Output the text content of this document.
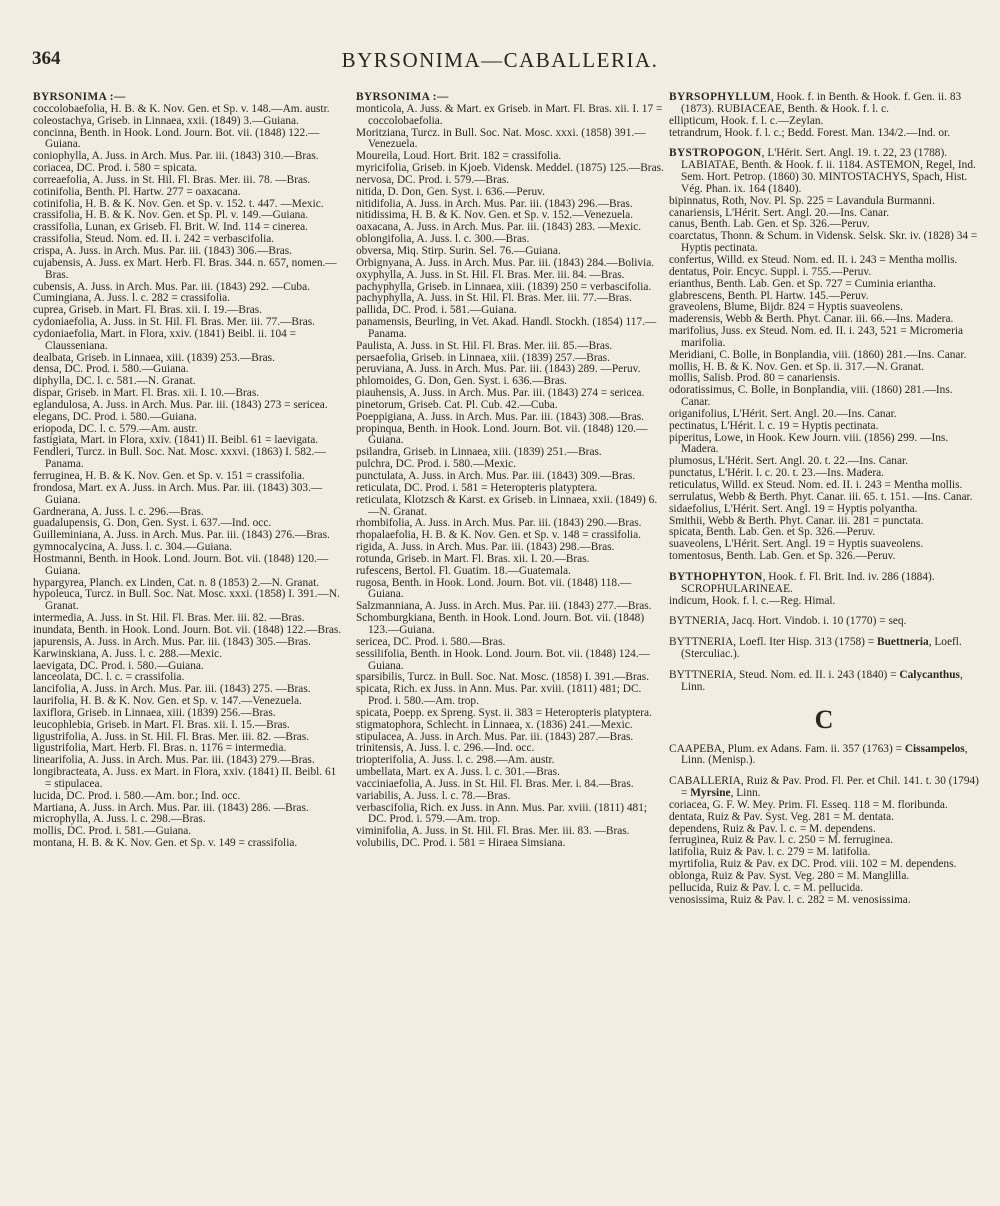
364	BYRSONIMA—CABALLERIA.
BYRSONIMA :—

coccolobaefolia, H. B. & K. Nov. Gen. et Sp. v. 148.—Am. austr.

coleostachya, Griseb. in Linnaea, xxii. (1849) 3.—Guiana.

concinna, Benth. in Hook. Lond. Journ. Bot. vii. (1848) 122.—Guiana.

coniophylla, A. Juss. in Arch. Mus. Par. iii. (1843) 310.—Bras.

coriacea, DC. Prod. i. 580 = spicata.

correaefolia, A. Juss. in St. Hil. Fl. Bras. Mer. iii. 78. —Bras.

cotinifolia, Benth. Pl. Hartw. 277 = oaxacana.

cotinifolia, H. B. & K. Nov. Gen. et Sp. v. 152. t. 447. —Mexic.

crassifolia, H. B. & K. Nov. Gen. et Sp. Pl. v. 149.—Guiana.

crassifolia, Lunan, ex Griseb. Fl. Brit. W. Ind. 114 = cinerea.

crassifolia, Steud. Nom. ed. II. i. 242 = verbascifolia.

crispa, A. Juss. in Arch. Mus. Par. iii. (1843) 306.—Bras.

cujabensis, A. Juss. ex Mart. Herb. Fl. Bras. 344. n. 657, nomen.—Bras.

cubensis, A. Juss. in Arch. Mus. Par. iii. (1843) 292. —Cuba.

Cumingiana, A. Juss. l. c. 282 = crassifolia.

cuprea, Griseb. in Mart. Fl. Bras. xii. I. 19.—Bras.

cydoniaefolia, A. Juss. in St. Hil. Fl. Bras. Mer. iii. 77.—Bras.

cydoniaefolia, Mart. in Flora, xxiv. (1841) Beibl. ii. 104 = Clausseniana.

dealbata, Griseb. in Linnaea, xiii. (1839) 253.—Bras.

densa, DC. Prod. i. 580.—Guiana.

diphylla, DC. l. c. 581.—N. Granat.

dispar, Griseb. in Mart. Fl. Bras. xii. I. 10.—Bras.

eglandulosa, A. Juss. in Arch. Mus. Par. iii. (1843) 273 = sericea.

elegans, DC. Prod. i. 580.—Guiana.

eriopoda, DC. l. c. 579.—Am. austr.

fastigiata, Mart. in Flora, xxiv. (1841) II. Beibl. 61 = laevigata.

Fendleri, Turcz. in Bull. Soc. Nat. Mosc. xxxvi. (1863) I. 582.—Panama.

ferruginea, H. B. & K. Nov. Gen. et Sp. v. 151 = crassifolia.

frondosa, Mart. ex A. Juss. in Arch. Mus. Par. iii. (1843) 303.—Guiana.

Gardnerana, A. Juss. l. c. 296.—Bras.

guadalupensis, G. Don, Gen. Syst. i. 637.—Ind. occ.

Guilleminiana, A. Juss. in Arch. Mus. Par. iii. (1843) 276.—Bras.

gymnocalycina, A. Juss. l. c. 304.—Guiana.

Hostmanni, Benth. in Hook. Lond. Journ. Bot. vii. (1848) 120.—Guiana.

hypargyrea, Planch. ex Linden, Cat. n. 8 (1853) 2.—N. Granat.

hypoleuca, Turcz. in Bull. Soc. Nat. Mosc. xxxi. (1858) I. 391.—N. Granat.

intermedia, A. Juss. in St. Hil. Fl. Bras. Mer. iii. 82. —Bras.

inundata, Benth. in Hook. Lond. Journ. Bot. vii. (1848) 122.—Bras.

japurensis, A. Juss. in Arch. Mus. Par. iii. (1843) 305.—Bras.

Karwinskiana, A. Juss. l. c. 288.—Mexic.

laevigata, DC. Prod. i. 580.—Guiana.

lanceolata, DC. l. c. = crassifolia.

lancifolia, A. Juss. in Arch. Mus. Par. iii. (1843) 275. —Bras.

laurifolia, H. B. & K. Nov. Gen. et Sp. v. 147.—Venezuela.

laxiflora, Griseb. in Linnaea, xiii. (1839) 256.—Bras.

leucophlebia, Griseb. in Mart. Fl. Bras. xii. I. 15.—Bras.

ligustrifolia, A. Juss. in St. Hil. Fl. Bras. Mer. iii. 82. —Bras.

ligustrifolia, Mart. Herb. Fl. Bras. n. 1176 = intermedia.

linearifolia, A. Juss. in Arch. Mus. Par. iii. (1843) 279.—Bras.

longibracteata, A. Juss. ex Mart. in Flora, xxiv. (1841) II. Beibl. 61 = stipulacea.

lucida, DC. Prod. i. 580.—Am. bor.; Ind. occ.

Martiana, A. Juss. in Arch. Mus. Par. iii. (1843) 286. —Bras.

microphylla, A. Juss. l. c. 298.—Bras.

mollis, DC. Prod. i. 581.—Guiana.

montana, H. B. & K. Nov. Gen. et Sp. v. 149 = crassifolia.

BYRSONIMA :—

monticola, A. Juss. & Mart. ex Griseb. in Mart. Fl. Bras. xii. I. 17 = coccolobaefolia.

Moritziana, Turcz. in Bull. Soc. Nat. Mosc. xxxi. (1858) 391.—Venezuela.

Moureila, Loud. Hort. Brit. 182 = crassifolia.

myricifolia, Griseb. in Kjoeb. Vidensk. Meddel. (1875) 125.—Bras.

nervosa, DC. Prod. i. 579.—Bras.

nitida, D. Don, Gen. Syst. i. 636.—Peruv.

nitidifolia, A. Juss. in Arch. Mus. Par. iii. (1843) 296.—Bras.

nitidissima, H. B. & K. Nov. Gen. et Sp. v. 152.—Venezuela.

oaxacana, A. Juss. in Arch. Mus. Par. iii. (1843) 283. —Mexic.

oblongifolia, A. Juss. l. c. 300.—Bras.

obversa, Miq. Stirp. Surin. Sel. 76.—Guiana.

Orbignyana, A. Juss. in Arch. Mus. Par. iii. (1843) 284.—Bolivia.

oxyphylla, A. Juss. in St. Hil. Fl. Bras. Mer. iii. 84. —Bras.

pachyphylla, Griseb. in Linnaea, xiii. (1839) 250 = verbascifolia.

pachyphylla, A. Juss. in St. Hil. Fl. Bras. Mer. iii. 77.—Bras.

pallida, DC. Prod. i. 581.—Guiana.

panamensis, Beurling, in Vet. Akad. Handl. Stockh. (1854) 117.—Panama.

Paulista, A. Juss. in St. Hil. Fl. Bras. Mer. iii. 85.—Bras.

persaefolia, Griseb. in Linnaea, xiii. (1839) 257.—Bras.

peruviana, A. Juss. in Arch. Mus. Par. iii. (1843) 289. —Peruv.

phlomoides, G. Don, Gen. Syst. i. 636.—Bras.

piauhensis, A. Juss. in Arch. Mus. Par. iii. (1843) 274 = sericea.

pinetorum, Griseb. Cat. Pl. Cub. 42.—Cuba.

Poeppigiana, A. Juss. in Arch. Mus. Par. iii. (1843) 308.—Bras.

propinqua, Benth. in Hook. Lond. Journ. Bot. vii. (1848) 120.—Guiana.

psilandra, Griseb. in Linnaea, xiii. (1839) 251.—Bras.

pulchra, DC. Prod. i. 580.—Mexic.

punctulata, A. Juss. in Arch. Mus. Par. iii. (1843) 309.—Bras.

reticulata, DC. Prod. i. 581 = Heteropteris platyptera.

reticulata, Klotzsch & Karst. ex Griseb. in Linnaea, xxii. (1849) 6.—N. Granat.

rhombifolia, A. Juss. in Arch. Mus. Par. iii. (1843) 290.—Bras.

rhopalaefolia, H. B. & K. Nov. Gen. et Sp. v. 148 = crassifolia.

rigida, A. Juss. in Arch. Mus. Par. iii. (1843) 298.—Bras.

rotunda, Griseb. in Mart. Fl. Bras. xii. I. 20.—Bras.

rufescens, Bertol. Fl. Guatim. 18.—Guatemala.

rugosa, Benth. in Hook. Lond. Journ. Bot. vii. (1848) 118.—Guiana.

Salzmanniana, A. Juss. in Arch. Mus. Par. iii. (1843) 277.—Bras.

Schomburgkiana, Benth. in Hook. Lond. Journ. Bot. vii. (1848) 123.—Guiana.

sericea, DC. Prod. i. 580.—Bras.

sessilifolia, Benth. in Hook. Lond. Journ. Bot. vii. (1848) 124.—Guiana.

sparsibilis, Turcz. in Bull. Soc. Nat. Mosc. (1858) I. 391.—Bras.

spicata, Rich. ex Juss. in Ann. Mus. Par. xviii. (1811) 481; DC. Prod. i. 580.—Am. trop.

spicata, Poepp. ex Spreng. Syst. ii. 383 = Heteropteris platyptera.

stigmatophora, Schlecht. in Linnaea, x. (1836) 241.—Mexic.

stipulacea, A. Juss. in Arch. Mus. Par. iii. (1843) 287.—Bras.

trinitensis, A. Juss. l. c. 296.—Ind. occ.

triopterifolia, A. Juss. l. c. 298.—Am. austr.

umbellata, Mart. ex A. Juss. l. c. 301.—Bras.

vacciniaefolia, A. Juss. in St. Hil. Fl. Bras. Mer. i. 84.—Bras.

variabilis, A. Juss. l. c. 78.—Bras.

verbascifolia, Rich. ex Juss. in Ann. Mus. Par. xviii. (1811) 481; DC. Prod. i. 579.—Am. trop.

viminifolia, A. Juss. in St. Hil. Fl. Bras. Mer. iii. 83. —Bras.

volubilis, DC. Prod. i. 581 = Hiraea Simsiana.

BYRSOPHYLLUM, Hook. f. in Benth. & Hook. f. Gen. ii. 83 (1873). RUBIACEAE, Benth. & Hook. f. l. c.

ellipticum, Hook. f. l. c.—Zeylan.

tetrandrum, Hook. f. l. c.; Bedd. Forest. Man. 134/2.—Ind. or.

BYSTROPOGON, L'Hérit. Sert. Angl. 19. t. 22, 23 (1788). LABIATAE, Benth. & Hook. f. ii. 1184. ASTEMON, Regel, Ind. Sem. Hort. Petrop. (1860) 30. MINTOSTACHYS, Spach, Hist. Vég. Phan. ix. 164 (1840).

bipinnatus, Roth, Nov. Pl. Sp. 225 = Lavandula Burmanni.

canariensis, L'Hérit. Sert. Angl. 20.—Ins. Canar.

canus, Benth. Lab. Gen. et Sp. 326.—Peruv.

coarctatus, Thonn. & Schum. in Vidensk. Selsk. Skr. iv. (1828) 34 = Hyptis pectinata.

confertus, Willd. ex Steud. Nom. ed. II. i. 243 = Mentha mollis.

dentatus, Poir. Encyc. Suppl. i. 755.—Peruv.

erianthus, Benth. Lab. Gen. et Sp. 727 = Cuminia eriantha.

glabrescens, Benth. Pl. Hartw. 145.—Peruv.

graveolens, Blume, Bijdr. 824 = Hyptis suaveolens.

maderensis, Webb & Berth. Phyt. Canar. iii. 66.—Ins. Madera.

marifolius, Juss. ex Steud. Nom. ed. II. i. 243, 521 = Micromeria marifolia.

Meridiani, C. Bolle, in Bonplandia, viii. (1860) 281.—Ins. Canar.

mollis, H. B. & K. Nov. Gen. et Sp. ii. 317.—N. Granat.

mollis, Salisb. Prod. 80 = canariensis.

odoratissimus, C. Bolle, in Bonplandia, viii. (1860) 281.—Ins. Canar.

origanifolius, L'Hérit. Sert. Angl. 20.—Ins. Canar.

pectinatus, L'Hérit. l. c. 19 = Hyptis pectinata.

piperitus, Lowe, in Hook. Kew Journ. viii. (1856) 299. —Ins. Madera.

plumosus, L'Hérit. Sert. Angl. 20. t. 22.—Ins. Canar.

punctatus, L'Hérit. l. c. 20. t. 23.—Ins. Madera.

reticulatus, Willd. ex Steud. Nom. ed. II. i. 243 = Mentha mollis.

serrulatus, Webb & Berth. Phyt. Canar. iii. 65. t. 151. —Ins. Canar.

sidaefolius, L'Hérit. Sert. Angl. 19 = Hyptis polyantha.

Smithii, Webb & Berth. Phyt. Canar. iii. 281 = punctata.

spicata, Benth. Lab. Gen. et Sp. 326.—Peruv.

suaveolens, L'Hérit. Sert. Angl. 19 = Hyptis suaveolens.

tomentosus, Benth. Lab. Gen. et Sp. 326.—Peruv.

BYTHOPHYTON, Hook. f. Fl. Brit. Ind. iv. 286 (1884). SCROPHULARINEAE.

indicum, Hook. f. l. c.—Reg. Himal.

BYTNERIA, Jacq. Hort. Vindob. i. 10 (1770) = seq.

BYTTNERIA, Loefl. Iter Hisp. 313 (1758) = Buettneria, Loefl. (Sterculiac.).

BYTTNERIA, Steud. Nom. ed. II. i. 243 (1840) = Calycanthus, Linn.

C

CAAPEBA, Plum. ex Adans. Fam. ii. 357 (1763) = Cissampelos, Linn. (Menisp.).

CABALLERIA, Ruiz & Pav. Prod. Fl. Per. et Chil. 141. t. 30 (1794) = Myrsine, Linn.

coriacea, G. F. W. Mey. Prim. Fl. Esseq. 118 = M. floribunda.

dentata, Ruiz & Pav. Syst. Veg. 281 = M. dentata.

dependens, Ruiz & Pav. l. c. = M. dependens.

ferruginea, Ruiz & Pav. l. c. 250 = M. ferruginea.

latifolia, Ruiz & Pav. l. c. 279 = M. latifolia.

myrtifolia, Ruiz & Pav. ex DC. Prod. viii. 102 = M. dependens.

oblonga, Ruiz & Pav. Syst. Veg. 280 = M. Manglilla.

pellucida, Ruiz & Pav. l. c. = M. pellucida.

venosissima, Ruiz & Pav. l. c. 282 = M. venosissima.
